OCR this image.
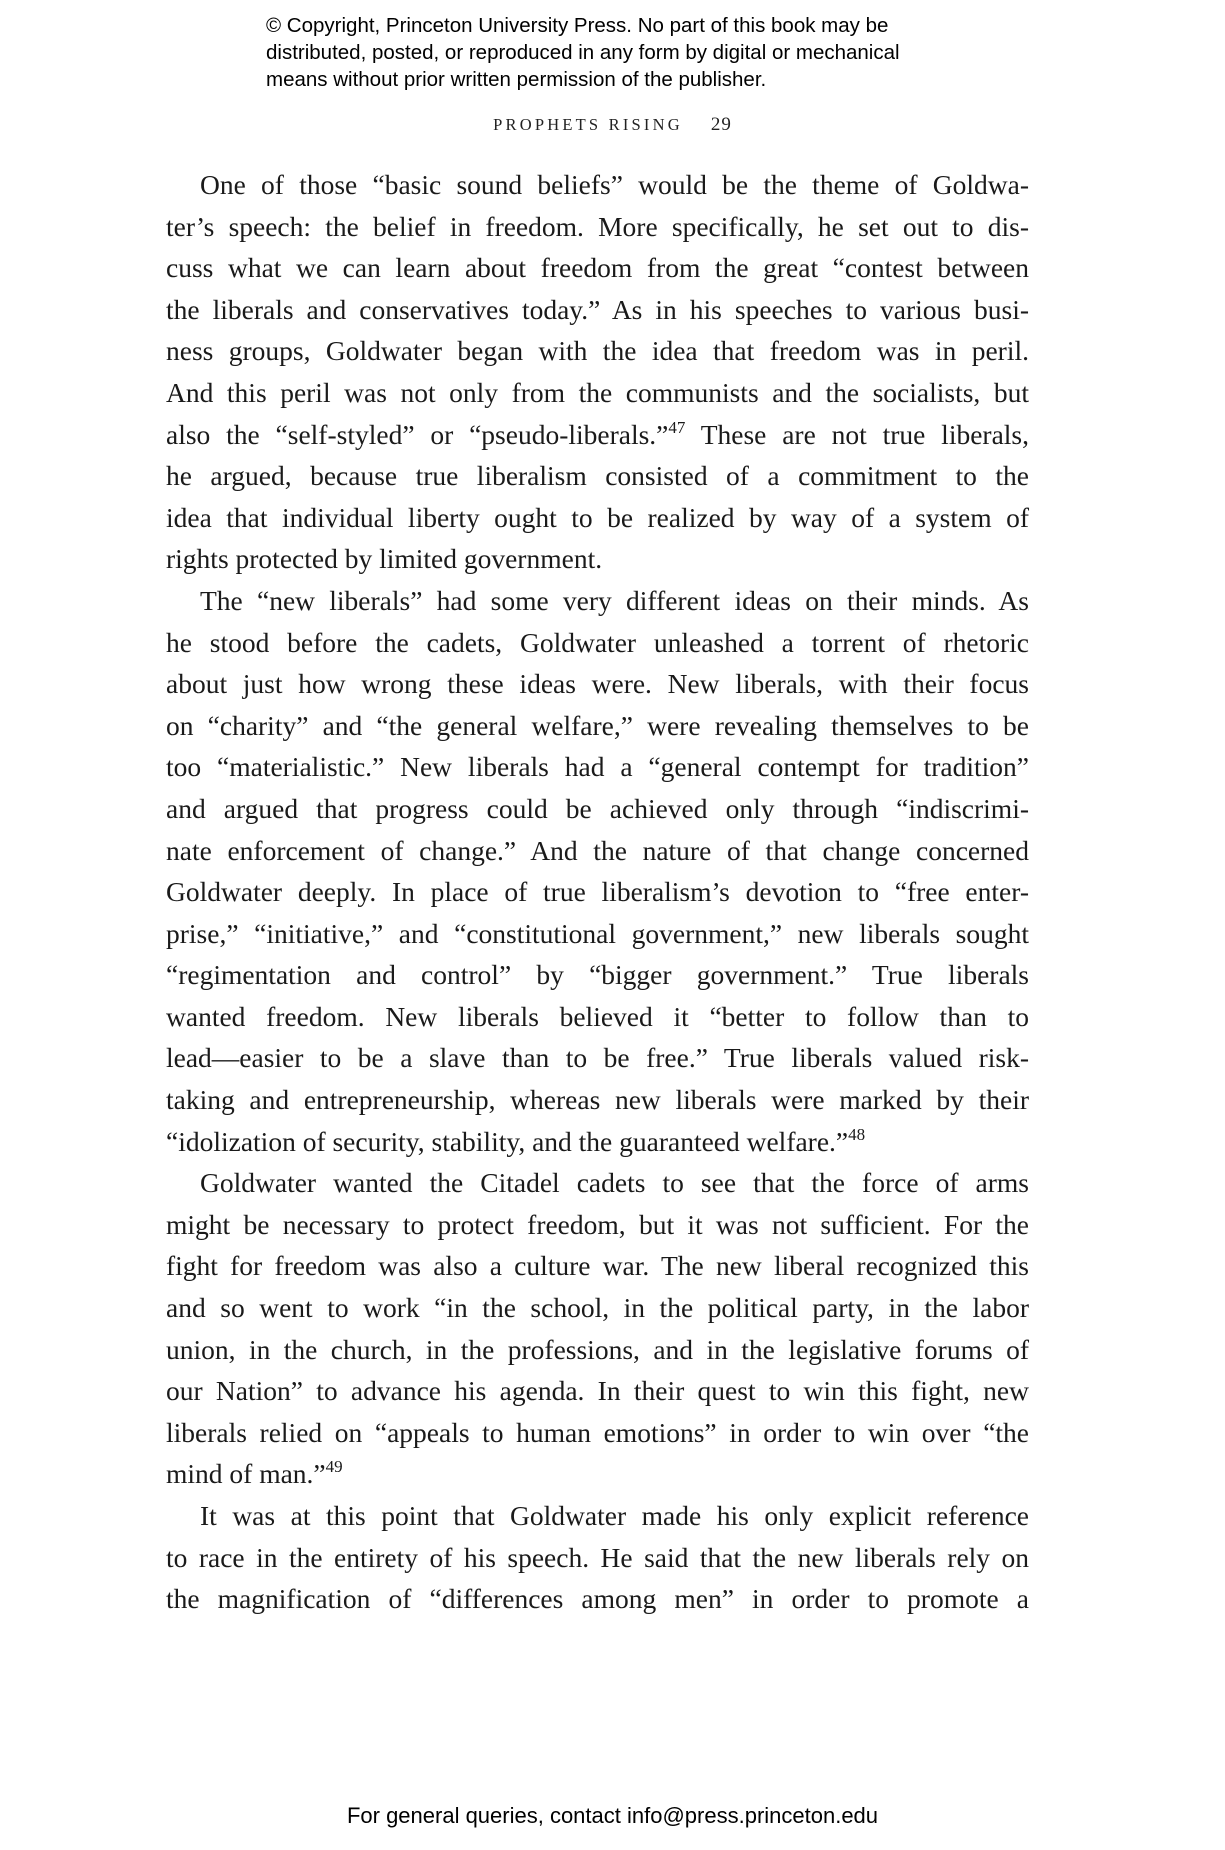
© Copyright, Princeton University Press. No part of this book may be
distributed, posted, or reproduced in any form by digital or mechanical
means without prior written permission of the publisher.
PROPHETS RISING 29
One of those “basic sound beliefs” would be the theme of Goldwa-
ter’s speech: the belief in freedom. More specifically, he set out to dis-
cuss what we can learn about freedom from the great “contest between
the liberals and conservatives today.” As in his speeches to various busi-
ness groups, Goldwater began with the idea that freedom was in peril.
And this peril was not only from the communists and the socialists, but
also the “self-styled” or “pseudo-liberals.”$^{47}$ These are not true liberals,
he argued, because true liberalism consisted of a commitment to the
idea that individual liberty ought to be realized by way of a system of
rights protected by limited government.
The “new liberals” had some very different ideas on their minds. As
he stood before the cadets, Goldwater unleashed a torrent of rhetoric
about just how wrong these ideas were. New liberals, with their focus
on “charity” and “the general welfare,” were revealing themselves to be
too “materialistic.” New liberals had a “general contempt for tradition”
and argued that progress could be achieved only through “indiscrimi-
nate enforcement of change.” And the nature of that change concerned
Goldwater deeply. In place of true liberalism’s devotion to “free enter-
prise,” “initiative,” and “constitutional government,” new liberals sought
“regimentation and control” by “bigger government.” True liberals
wanted freedom. New liberals believed it “better to follow than to
lead—easier to be a slave than to be free.” True liberals valued risk-
taking and entrepreneurship, whereas new liberals were marked by their
“idolization of security, stability, and the guaranteed welfare.”$^{48}$
Goldwater wanted the Citadel cadets to see that the force of arms
might be necessary to protect freedom, but it was not sufficient. For the
fight for freedom was also a culture war. The new liberal recognized this
and so went to work “in the school, in the political party, in the labor
union, in the church, in the professions, and in the legislative forums of
our Nation” to advance his agenda. In their quest to win this fight, new
liberals relied on “appeals to human emotions” in order to win over “the
mind of man.”$^{49}$
It was at this point that Goldwater made his only explicit reference
to race in the entirety of his speech. He said that the new liberals rely on
the magnification of “differences among men” in order to promote a
For general queries, contact info@press.princeton.edu
